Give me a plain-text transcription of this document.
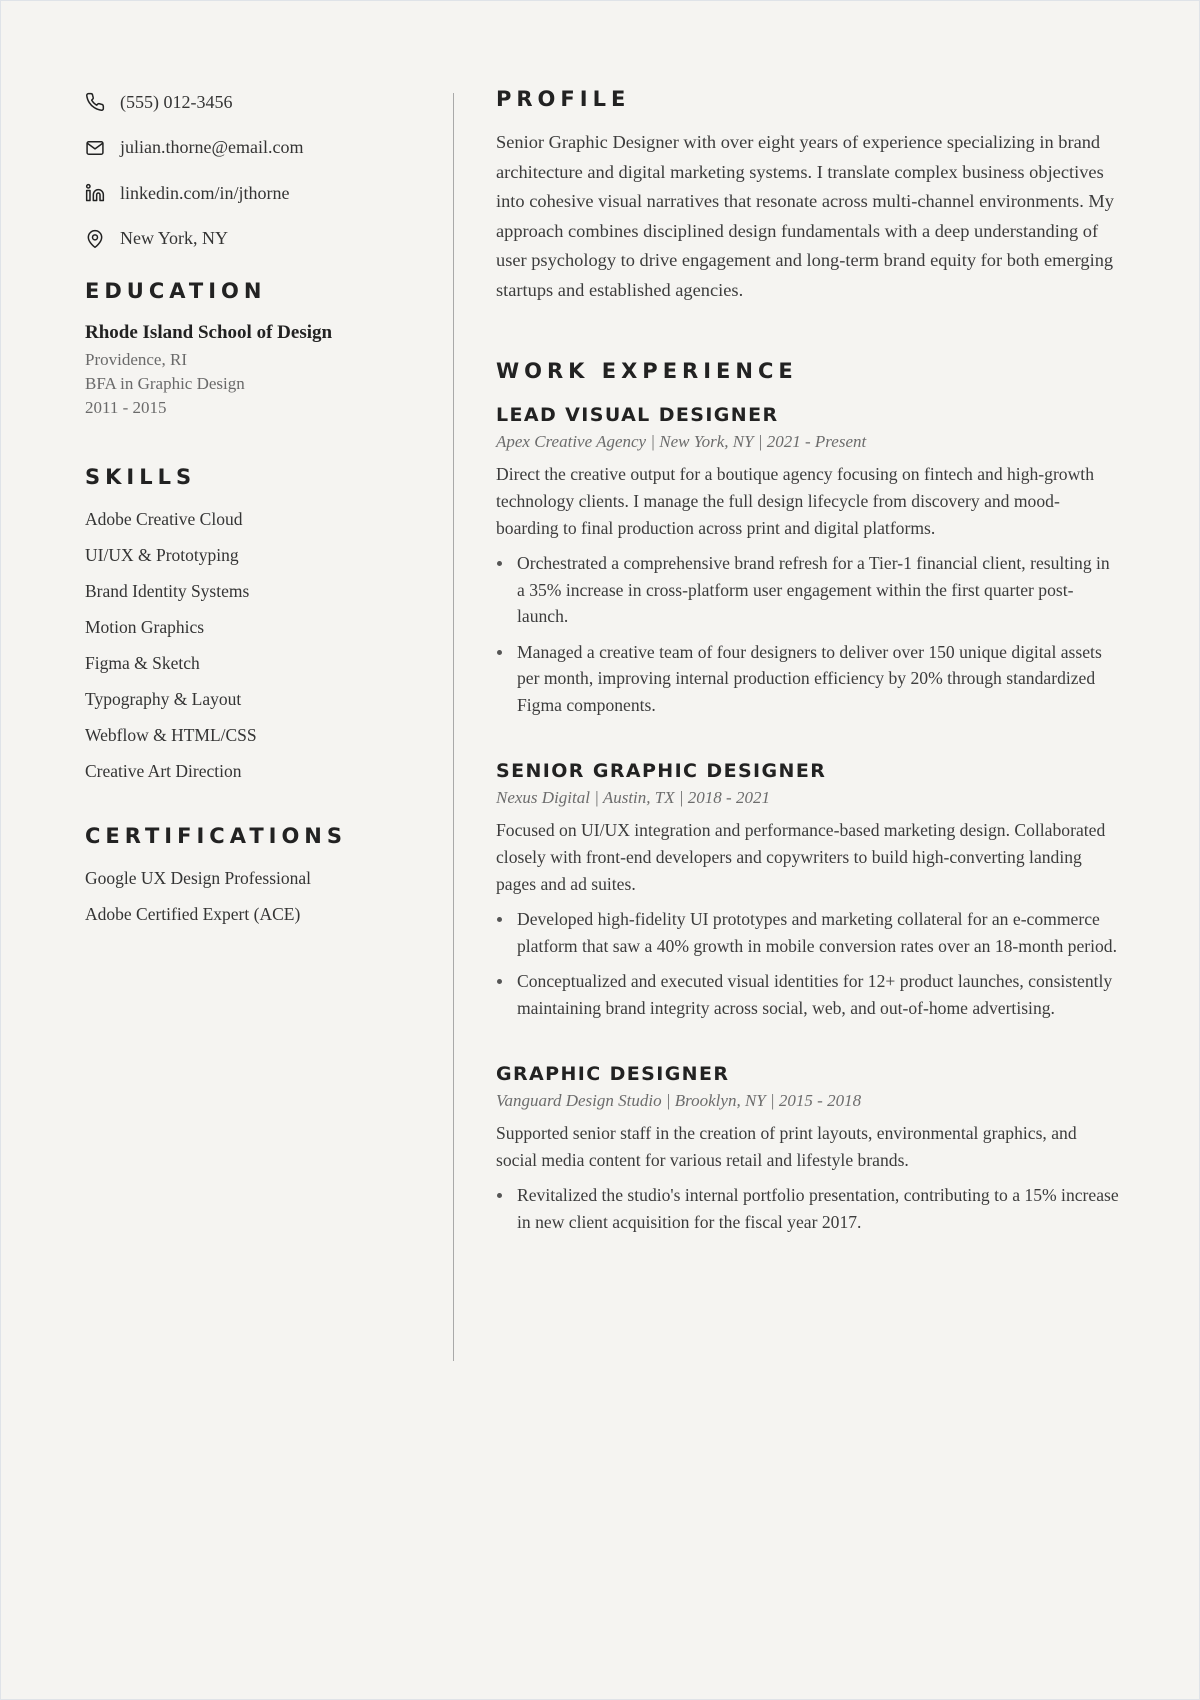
(555) 012-3456
julian.thorne@email.com
linkedin.com/in/jthorne
New York, NY
EDUCATION

Rhode Island School of Design

Providence, RI

BFA in Graphic Design

2011 - 2015

SKILLS
Adobe Creative Cloud
UI/UX & Prototyping
Brand Identity Systems
Motion Graphics
Figma & Sketch
Typography & Layout
Webflow & HTML/CSS
Creative Art Direction
CERTIFICATIONS
Google UX Design Professional
Adobe Certified Expert (ACE)
PROFILE

Senior Graphic Designer with over eight years of experience specializing in brand architecture and digital marketing systems. I translate complex business objectives into cohesive visual narratives that resonate across multi-channel environments. My approach combines disciplined design fundamentals with a deep understanding of user psychology to drive engagement and long-term brand equity for both emerging startups and established agencies.

WORK EXPERIENCE
LEAD VISUAL DESIGNER

Apex Creative Agency | New York, NY | 2021 - Present

Direct the creative output for a boutique agency focusing on fintech and high-growth technology clients. I manage the full design lifecycle from discovery and mood-boarding to final production across print and digital platforms.

Orchestrated a comprehensive brand refresh for a Tier-1 financial client, resulting in a 35% increase in cross-platform user engagement within the first quarter post-launch.
Managed a creative team of four designers to deliver over 150 unique digital assets per month, improving internal production efficiency by 20% through standardized Figma components.
SENIOR GRAPHIC DESIGNER

Nexus Digital | Austin, TX | 2018 - 2021

Focused on UI/UX integration and performance-based marketing design. Collaborated closely with front-end developers and copywriters to build high-converting landing pages and ad suites.

Developed high-fidelity UI prototypes and marketing collateral for an e-commerce platform that saw a 40% growth in mobile conversion rates over an 18-month period.
Conceptualized and executed visual identities for 12+ product launches, consistently maintaining brand integrity across social, web, and out-of-home advertising.
GRAPHIC DESIGNER

Vanguard Design Studio | Brooklyn, NY | 2015 - 2018

Supported senior staff in the creation of print layouts, environmental graphics, and social media content for various retail and lifestyle brands.

Revitalized the studio's internal portfolio presentation, contributing to a 15% increase in new client acquisition for the fiscal year 2017.
